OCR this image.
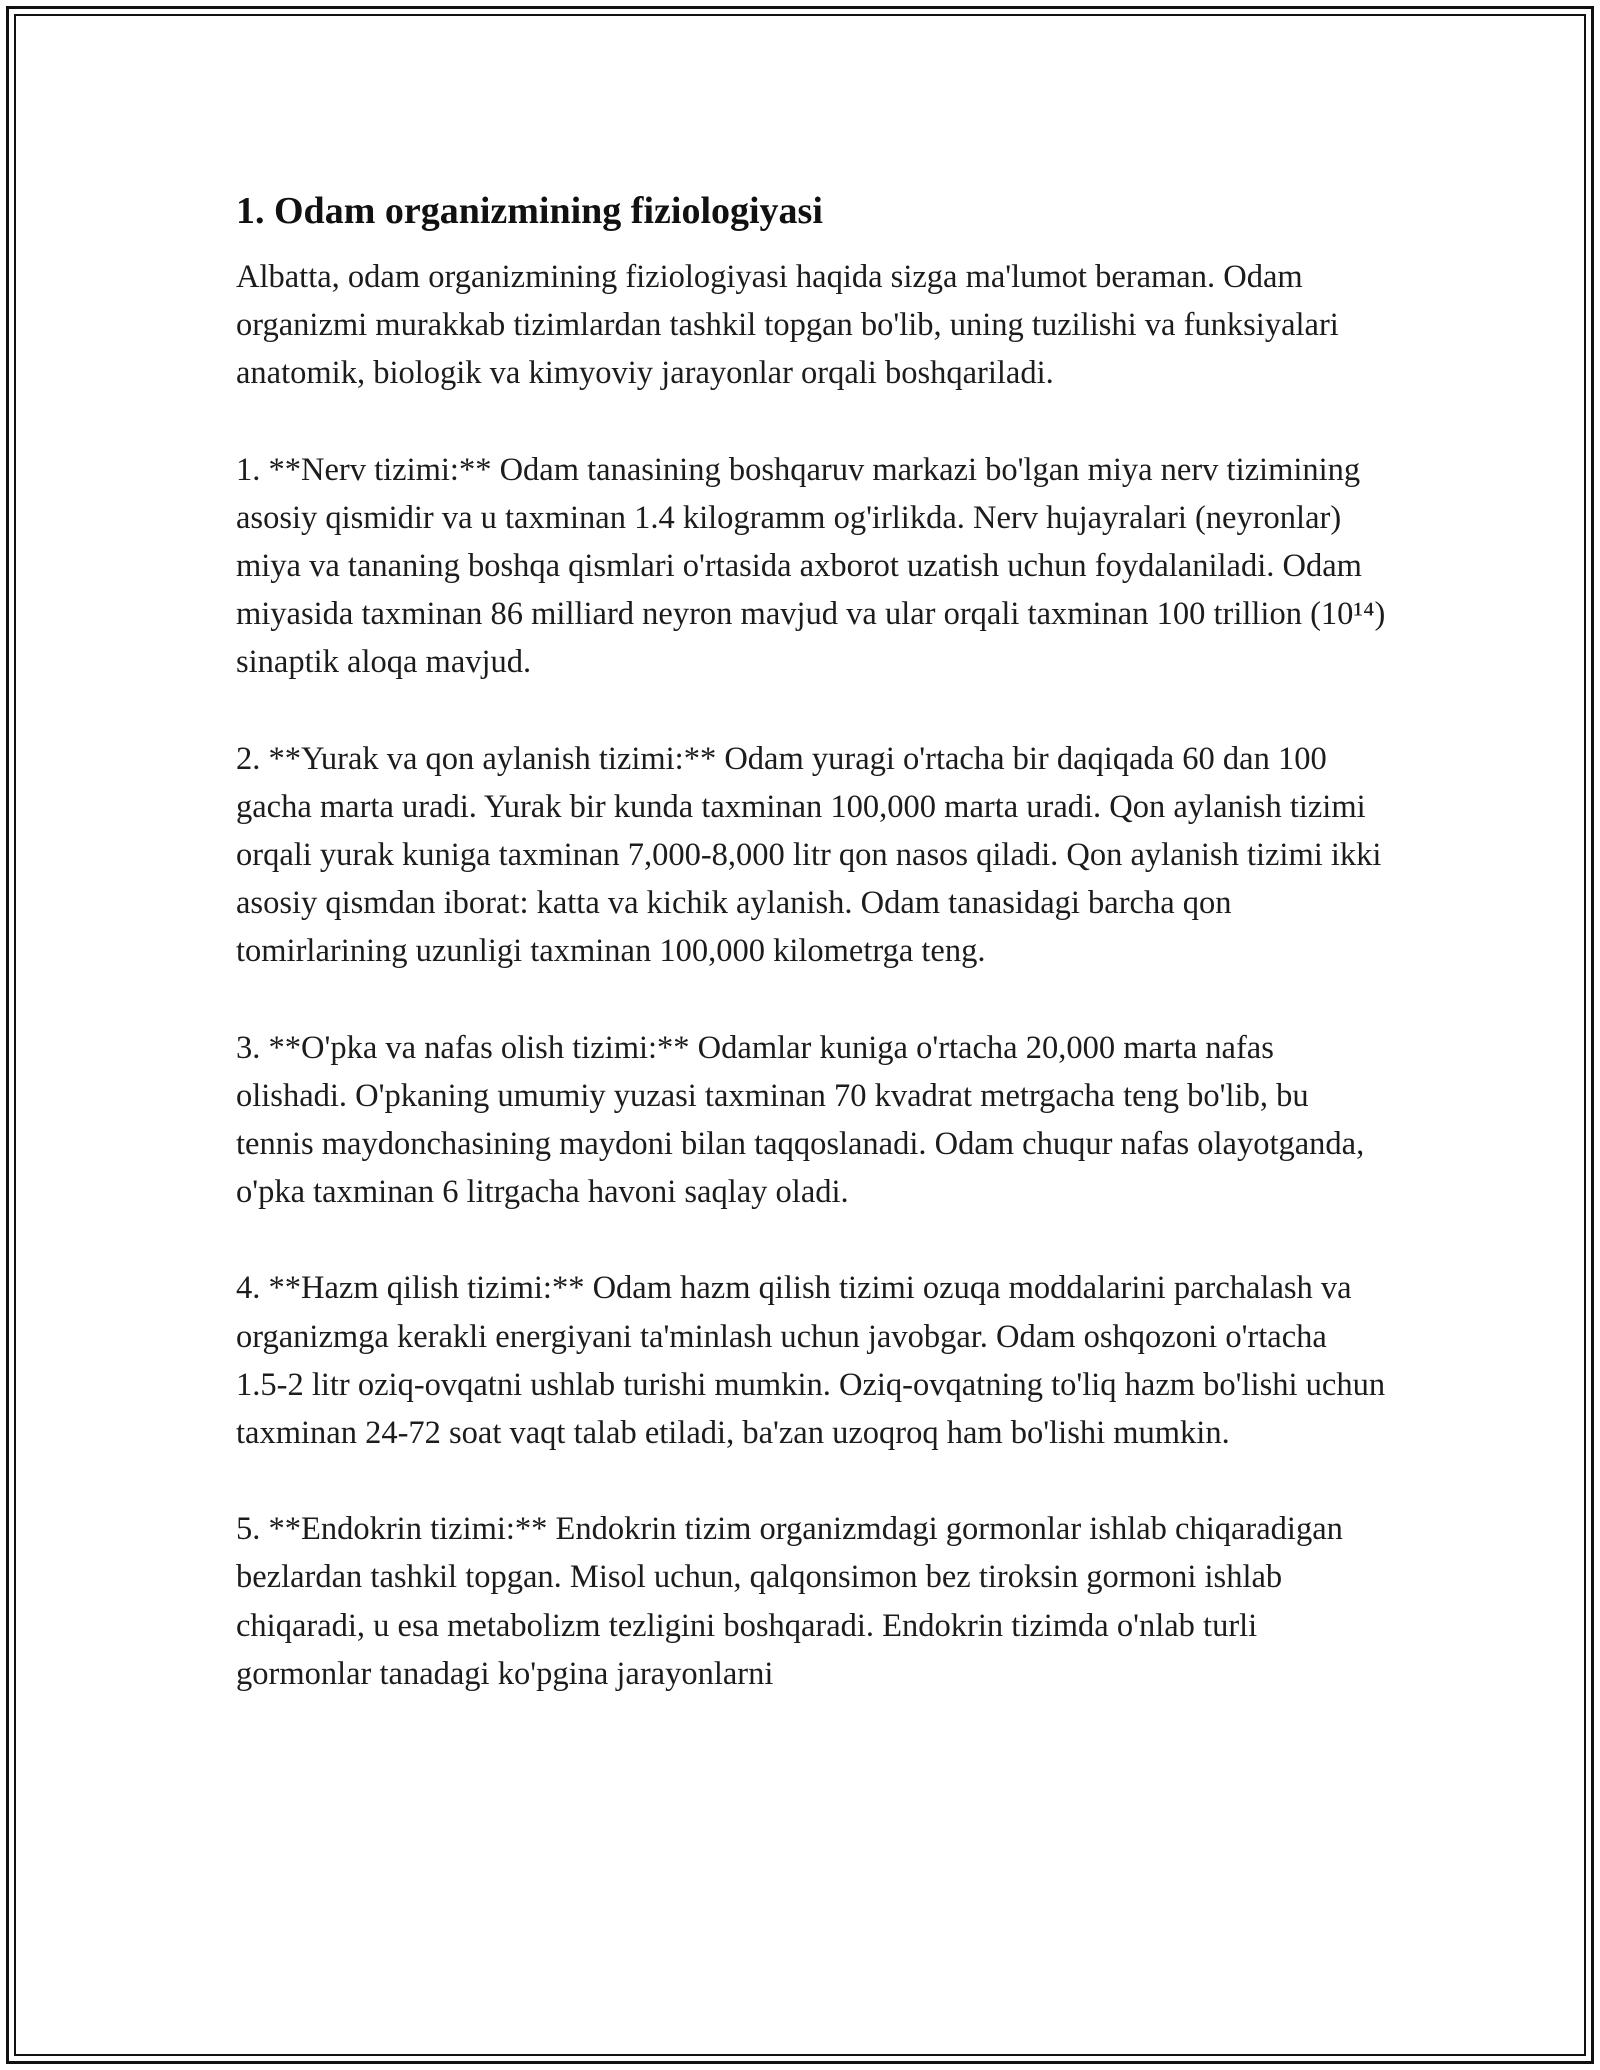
1. Odam organizmining fiziologiyasi

Albatta, odam organizmining fiziologiyasi haqida sizga ma'lumot beraman. Odam organizmi murakkab tizimlardan tashkil topgan bo'lib, uning tuzilishi va funksiyalari anatomik, biologik va kimyoviy jarayonlar orqali boshqariladi.

1. **Nerv tizimi:** Odam tanasining boshqaruv markazi bo'lgan miya nerv tizimining asosiy qismidir va u taxminan 1.4 kilogramm og'irlikda. Nerv hujayralari (neyronlar) miya va tananing boshqa qismlari o'rtasida axborot uzatish uchun foydalaniladi. Odam miyasida taxminan 86 milliard neyron mavjud va ular orqali taxminan 100 trillion (10¹⁴) sinaptik aloqa mavjud.

2. **Yurak va qon aylanish tizimi:** Odam yuragi o'rtacha bir daqiqada 60 dan 100 gacha marta uradi. Yurak bir kunda taxminan 100,000 marta uradi. Qon aylanish tizimi orqali yurak kuniga taxminan 7,000-8,000 litr qon nasos qiladi. Qon aylanish tizimi ikki asosiy qismdan iborat: katta va kichik aylanish. Odam tanasidagi barcha qon tomirlarining uzunligi taxminan 100,000 kilometrga teng.

3. **O'pka va nafas olish tizimi:** Odamlar kuniga o'rtacha 20,000 marta nafas olishadi. O'pkaning umumiy yuzasi taxminan 70 kvadrat metrgacha teng bo'lib, bu tennis maydonchasining maydoni bilan taqqoslanadi. Odam chuqur nafas olayotganda, o'pka taxminan 6 litrgacha havoni saqlay oladi.

4. **Hazm qilish tizimi:** Odam hazm qilish tizimi ozuqa moddalarini parchalash va organizmga kerakli energiyani ta'minlash uchun javobgar. Odam oshqozoni o'rtacha 1.5-2 litr oziq-ovqatni ushlab turishi mumkin. Oziq-ovqatning to'liq hazm bo'lishi uchun taxminan 24-72 soat vaqt talab etiladi, ba'zan uzoqroq ham bo'lishi mumkin.

5. **Endokrin tizimi:** Endokrin tizim organizmdagi gormonlar ishlab chiqaradigan bezlardan tashkil topgan. Misol uchun, qalqonsimon bez tiroksin gormoni ishlab chiqaradi, u esa metabolizm tezligini boshqaradi. Endokrin tizimda o'nlab turli gormonlar tanadagi ko'pgina jarayonlarni
